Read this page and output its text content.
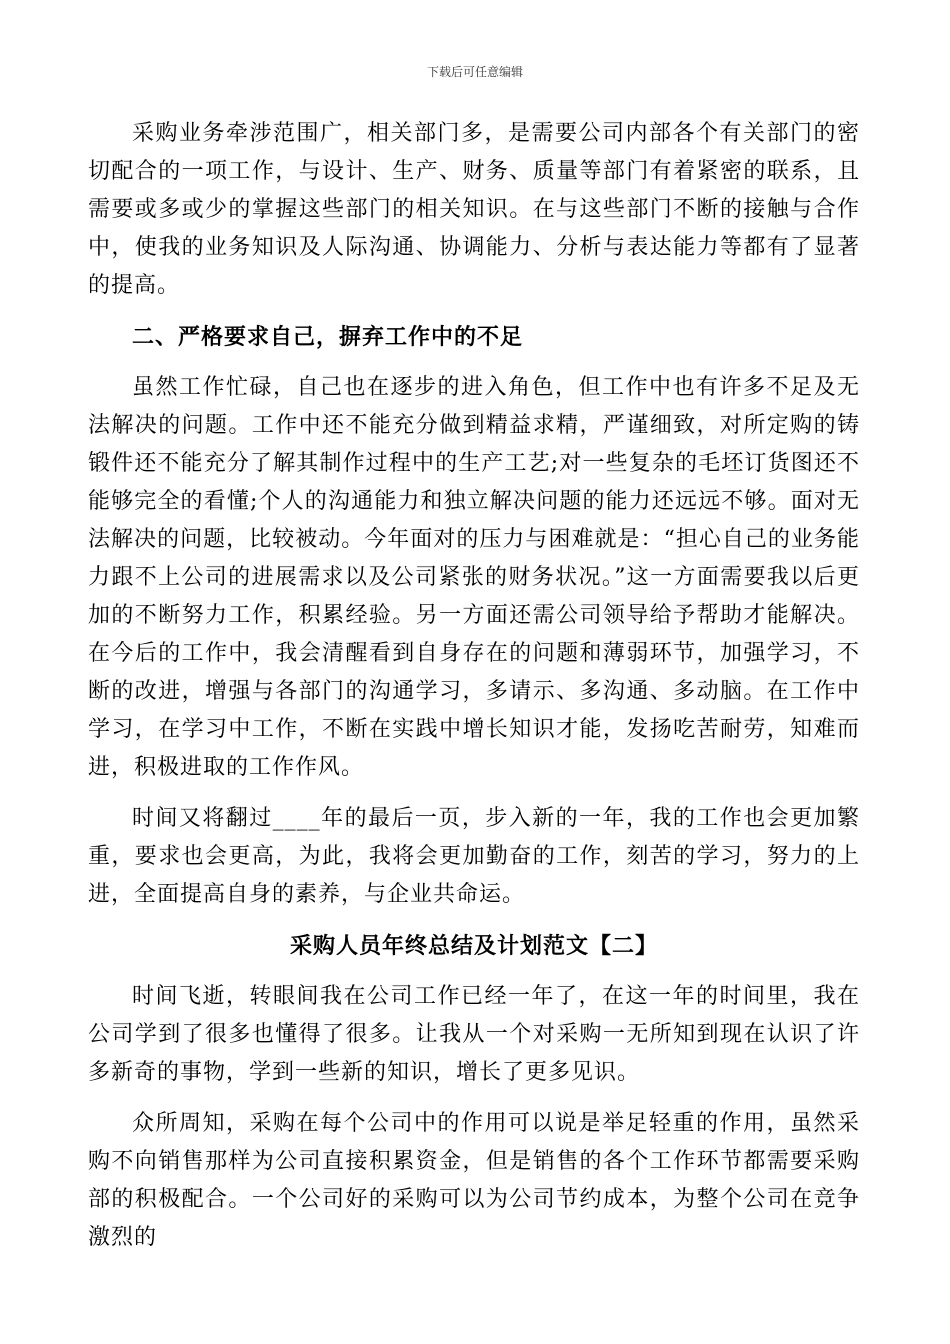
下载后可任意编辑

采购业务牵涉范围广，相关部门多，是需要公司内部各个有关部门的密切配合的一项工作，与设计、生产、财务、质量等部门有着紧密的联系，且需要或多或少的掌握这些部门的相关知识。在与这些部门不断的接触与合作中，使我的业务知识及人际沟通、协调能力、分析与表达能力等都有了显著的提高。

二、严格要求自己，摒弃工作中的不足

虽然工作忙碌，自己也在逐步的进入角色，但工作中也有许多不足及无法解决的问题。工作中还不能充分做到精益求精，严谨细致，对所定购的铸锻件还不能充分了解其制作过程中的生产工艺;对一些复杂的毛坯订货图还不能够完全的看懂;个人的沟通能力和独立解决问题的能力还远远不够。面对无法解决的问题，比较被动。今年面对的压力与困难就是：“担心自己的业务能力跟不上公司的进展需求以及公司紧张的财务状况。”这一方面需要我以后更加的不断努力工作，积累经验。另一方面还需公司领导给予帮助才能解决。在今后的工作中，我会清醒看到自身存在的问题和薄弱环节，加强学习，不断的改进，增强与各部门的沟通学习，多请示、多沟通、多动脑。在工作中学习，在学习中工作，不断在实践中增长知识才能，发扬吃苦耐劳，知难而进，积极进取的工作作风。

时间又将翻过____年的最后一页，步入新的一年，我的工作也会更加繁重，要求也会更高，为此，我将会更加勤奋的工作，刻苦的学习，努力的上进，全面提高自身的素养，与企业共命运。

采购人员年终总结及计划范文【二】

时间飞逝，转眼间我在公司工作已经一年了，在这一年的时间里，我在公司学到了很多也懂得了很多。让我从一个对采购一无所知到现在认识了许多新奇的事物，学到一些新的知识，增长了更多见识。

众所周知，采购在每个公司中的作用可以说是举足轻重的作用，虽然采购不向销售那样为公司直接积累资金，但是销售的各个工作环节都需要采购部的积极配合。一个公司好的采购可以为公司节约成本，为整个公司在竞争激烈的
